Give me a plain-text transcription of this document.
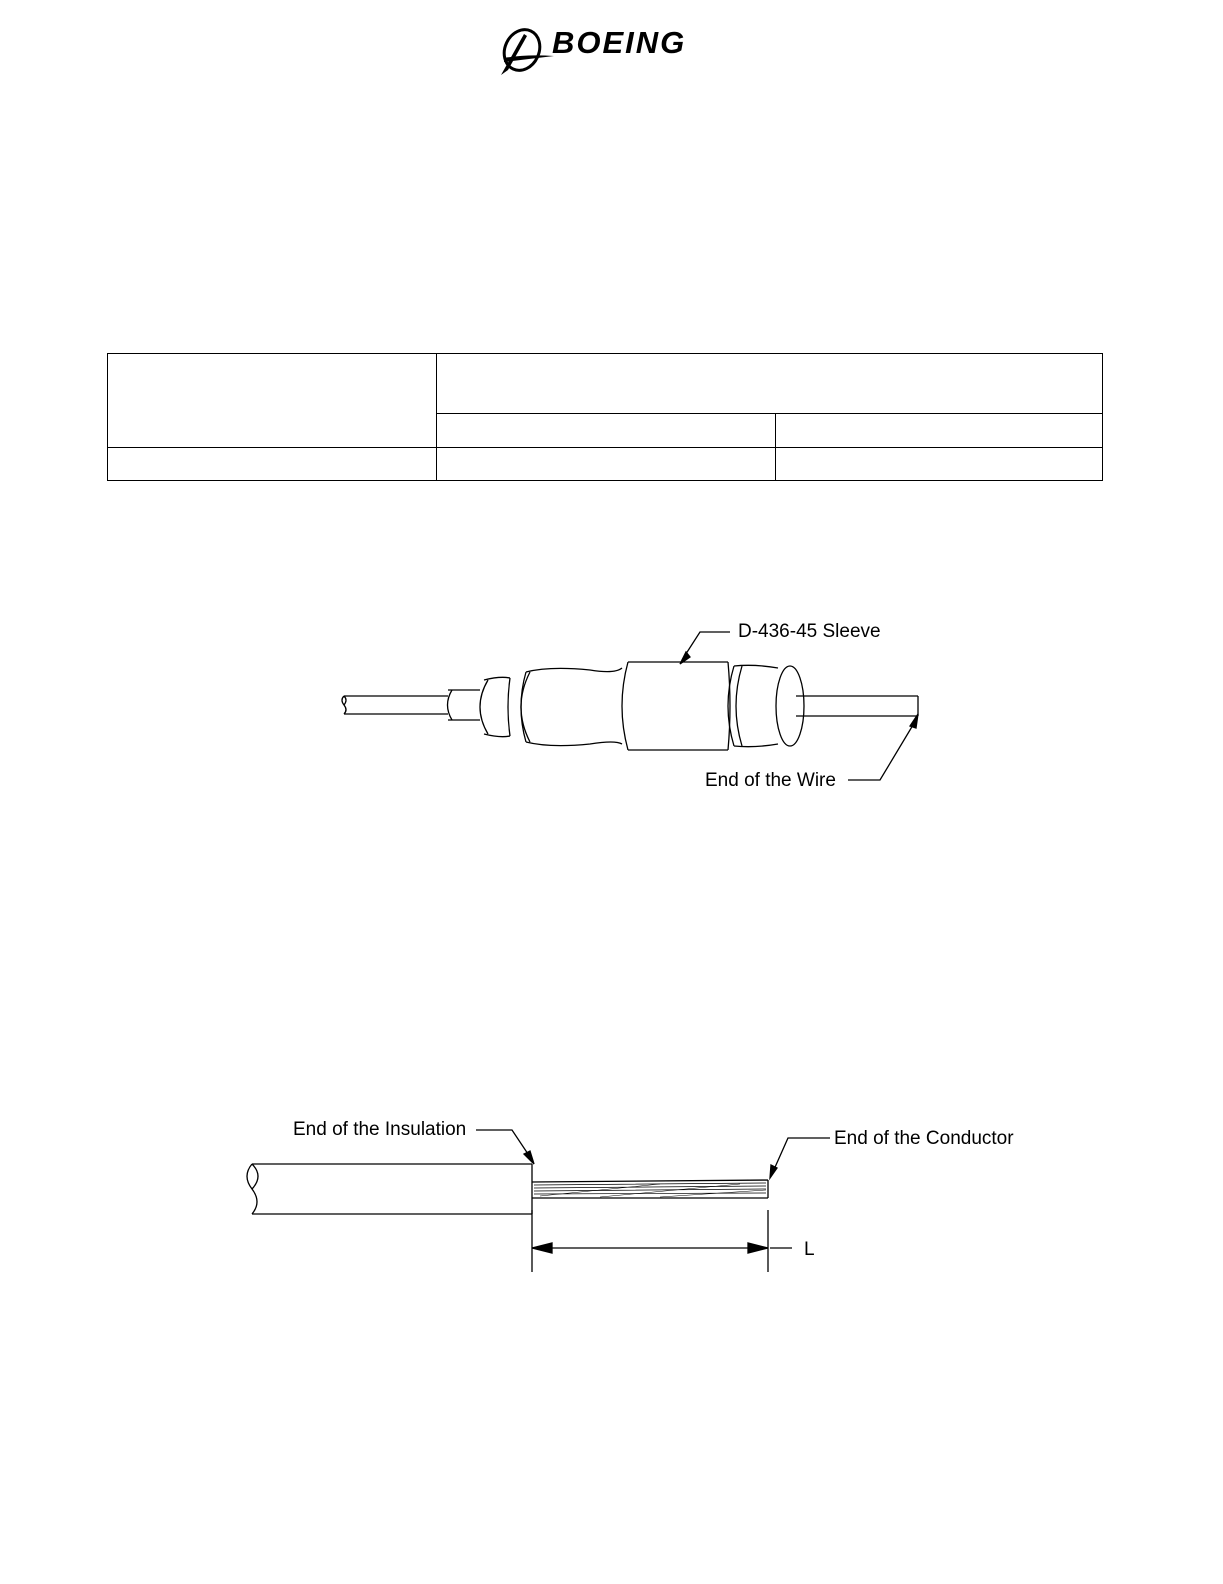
BOEING

D-436-45 Sleeve
End of the Wire
End of the Insulation	End of the Conductor
L
